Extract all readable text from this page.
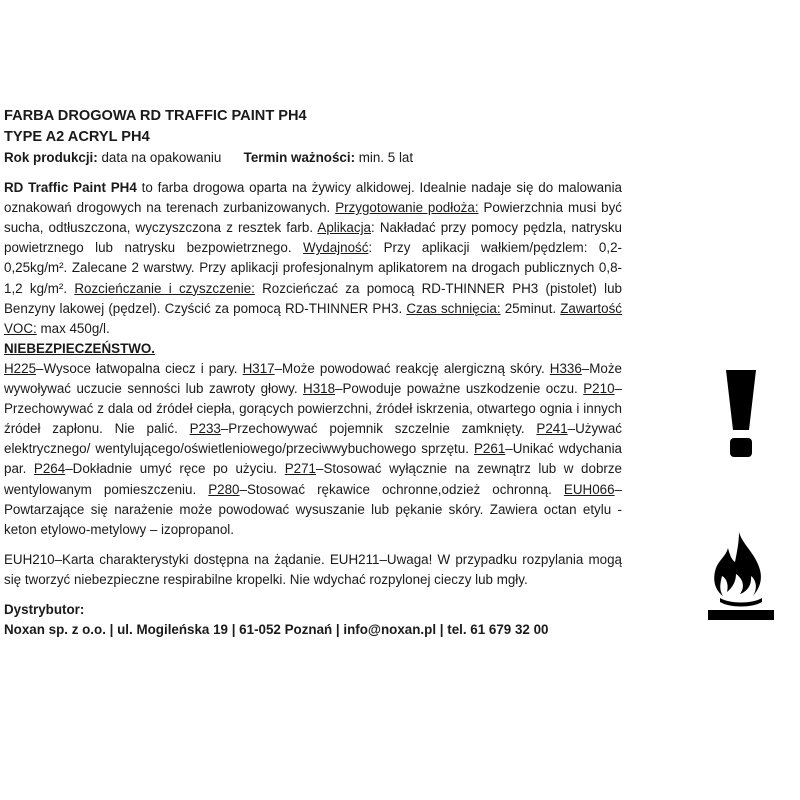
FARBA DROGOWA RD TRAFFIC PAINT PH4

TYPE A2 ACRYL PH4

Rok produkcji: data na opakowaniu Termin ważności: min. 5 lat

RD Traffic Paint PH4 to farba drogowa oparta na żywicy alkidowej. Idealnie nadaje się do malowania oznakowań drogowych na terenach zurbanizowanych. Przygotowanie podłoża: Powierzchnia musi być sucha, odtłuszczona, wyczyszczona z resztek farb. Aplikacja: Nakładać przy pomocy pędzla, natrysku powietrznego lub natrysku bezpowietrznego. Wydajność: Przy aplikacji wałkiem/pędzlem: 0,2-0,25kg/m². Zalecane 2 warstwy. Przy aplikacji profesjonalnym aplikatorem na drogach publicznych 0,8-1,2 kg/m². Rozcieńczanie i czyszczenie: Rozcieńczać za pomocą RD-THINNER PH3 (pistolet) lub Benzyny lakowej (pędzel). Czyścić za pomocą RD-THINNER PH3. Czas schnięcia: 25minut. Zawartość VOC: max 450g/l.

NIEBEZPIECZEŃSTWO.

H225–Wysoce łatwopalna ciecz i pary. H317–Może powodować reakcję alergiczną skóry. H336–Może wywoływać uczucie senności lub zawroty głowy. H318–Powoduje poważne uszkodzenie oczu. P210–Przechowywać z dala od źródeł ciepła, gorących powierzchni, źródeł iskrzenia, otwartego ognia i innych źródeł zapłonu. Nie palić. P233–Przechowywać pojemnik szczelnie zamknięty. P241–Używać elektrycznego/ wentylującego/oświetleniowego/przeciwwybuchowego sprzętu. P261–Unikać wdychania par. P264–Dokładnie umyć ręce po użyciu. P271–Stosować wyłącznie na zewnątrz lub w dobrze wentylowanym pomieszczeniu. P280–Stosować rękawice ochronne,odzież ochronną. EUH066–Powtarzające się narażenie może powodować wysuszanie lub pękanie skóry. Zawiera octan etylu - keton etylowo-metylowy – izopropanol.

EUH210–Karta charakterystyki dostępna na żądanie. EUH211–Uwaga! W przypadku rozpylania mogą się tworzyć niebezpieczne respirabilne kropelki. Nie wdychać rozpylonej cieczy lub mgły.

Dystrybutor:

Noxan sp. z o.o. | ul. Mogileńska 19 | 61-052 Poznań | info@noxan.pl | tel. 61 679 32 00
